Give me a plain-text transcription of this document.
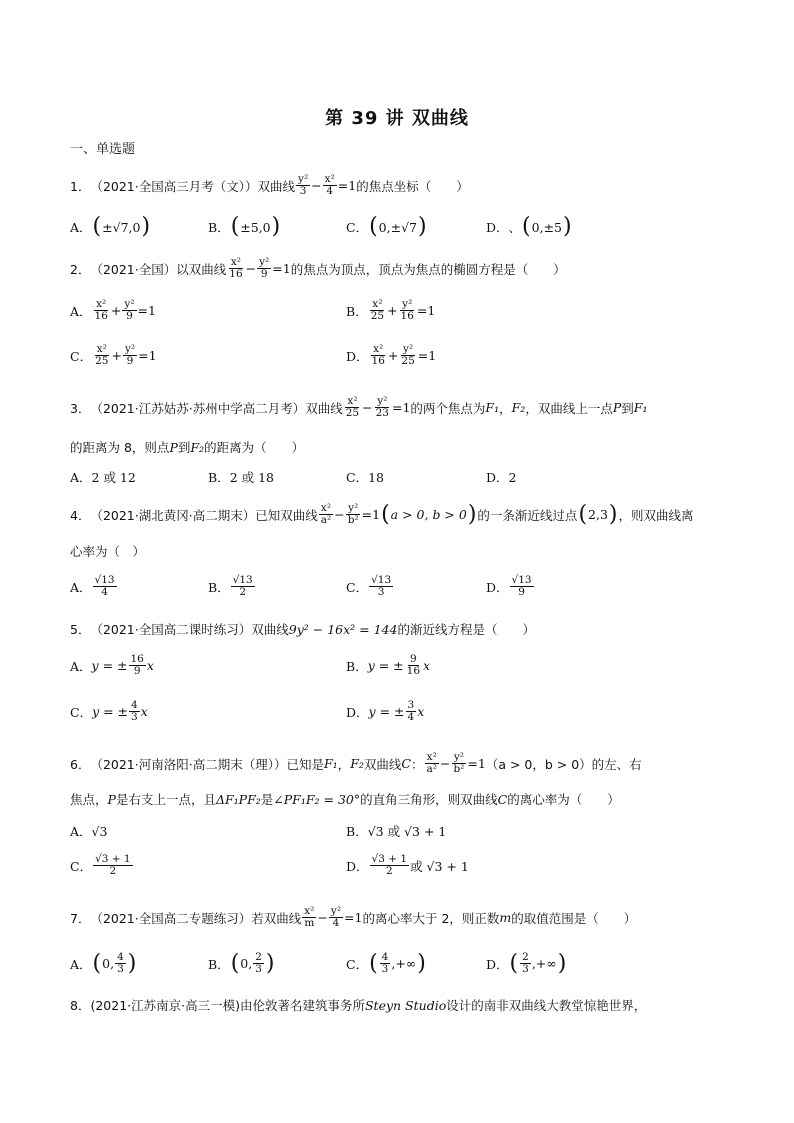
第 39 讲 双曲线
一、单选题
1． （2021·全国高三月考（文）） 双曲线 $\frac{\text{y²}}{3} - \frac{\text{x²}}{4} =1$ 的焦点坐标（　　）
A． ( ±√7,0 )	B． ( ±5,0 )	C． ( 0,±√7 )	D． 、 ( 0,±5 )
2． （2021·全国） 以双曲线 $\frac{\text{x²}}{16} - \frac{\text{y²}}{9} =1$ 的焦点为顶点，顶点为焦点的椭圆方程是（　　）
A． $\frac{\text{x²}}{16} + \frac{\text{y²}}{9} =1$	B． $\frac{\text{x²}}{25} + \frac{\text{y²}}{16} =1$
C． $\frac{\text{x²}}{25} + \frac{\text{y²}}{9} =1$	D． $\frac{\text{x²}}{16} + \frac{\text{y²}}{25} =1$
3． （2021·江苏姑苏·苏州中学高二月考） 双曲线 $\frac{\text{x²}}{25} - \frac{\text{y²}}{23} =1$ 的两个焦点为 F₁ ， F₂ ，双曲线上一点 P 到 F₁
的距离为 8，则点 P 到 F₂ 的距离为（　　）
A． 2 或 12	B． 2 或 18	C． 18	D． 2
4． （2021·湖北黄冈·高二期末） 已知双曲线 $\frac{\text{x²}}{\text{a²}} - \frac{\text{y²}}{\text{b²}} =1$ ( a > 0, b > 0 ) 的一条渐近线过点 ( 2,3 ) ，则双曲线离
心率为（　）
A． $\frac{√13}{4}$	B． $\frac{√13}{2}$	C． $\frac{√13}{3}$	D． $\frac{√13}{9}$
5． （2021·全国高二课时练习） 双曲线 9y² − 16x² = 144 的渐近线方程是（　　）
A． y = ± $\frac{16}{9}$ x	B． y = ± $\frac{9}{16}$ x
C． y = ± $\frac{4}{3}$ x	D． y = ± $\frac{3}{4}$ x
6． （2021·河南洛阳·高二期末（理）） 已知是 F₁ ， F₂ 双曲线 C ： $\frac{\text{x²}}{\text{a²}} - \frac{\text{y²}}{\text{b²}} =1$ （a > 0，b > 0）的左、右
焦点， P 是右支上一点，且 ΔF₁PF₂ 是 ∠PF₁F₂ = 30° 的直角三角形，则双曲线 C 的离心率为（　　）
A． √3	B． √3 或 √3 + 1
C． $\frac{√3 + 1}{2}$	D． $\frac{√3 + 1}{2}$ 或 √3 + 1
7． （2021·全国高二专题练习） 若双曲线 $\frac{\text{x²}}{m} - \frac{\text{y²}}{4} =1$ 的离心率大于 2，则正数 m 的取值范围是（　　）
A． ( 0, $\frac{4}{3}$ )	B． ( 0, $\frac{2}{3}$ )	C． ( $\frac{4}{3}$ ,+∞ )	D． ( $\frac{2}{3}$ ,+∞ )
8． (2021·江苏南京·高三一模) 由伦敦著名建筑事务所 Steyn Studio 设计的南非双曲线大教堂惊艳世界，
